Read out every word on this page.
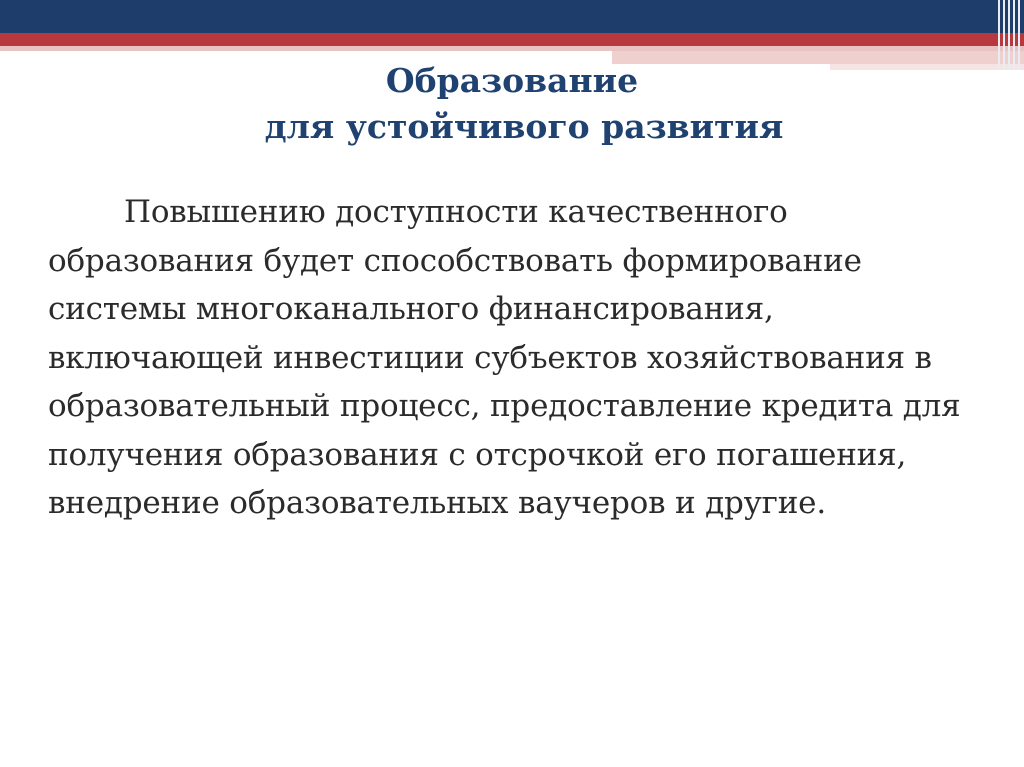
Образование
для устойчивого развития
Повышению доступности качественного образования будет способствовать формирование системы многоканального финансирования, включающей инвестиции субъектов хозяйствования в образовательный процесс, предоставление кредита для получения образования с отсрочкой его погашения, внедрение образовательных ваучеров и другие.
